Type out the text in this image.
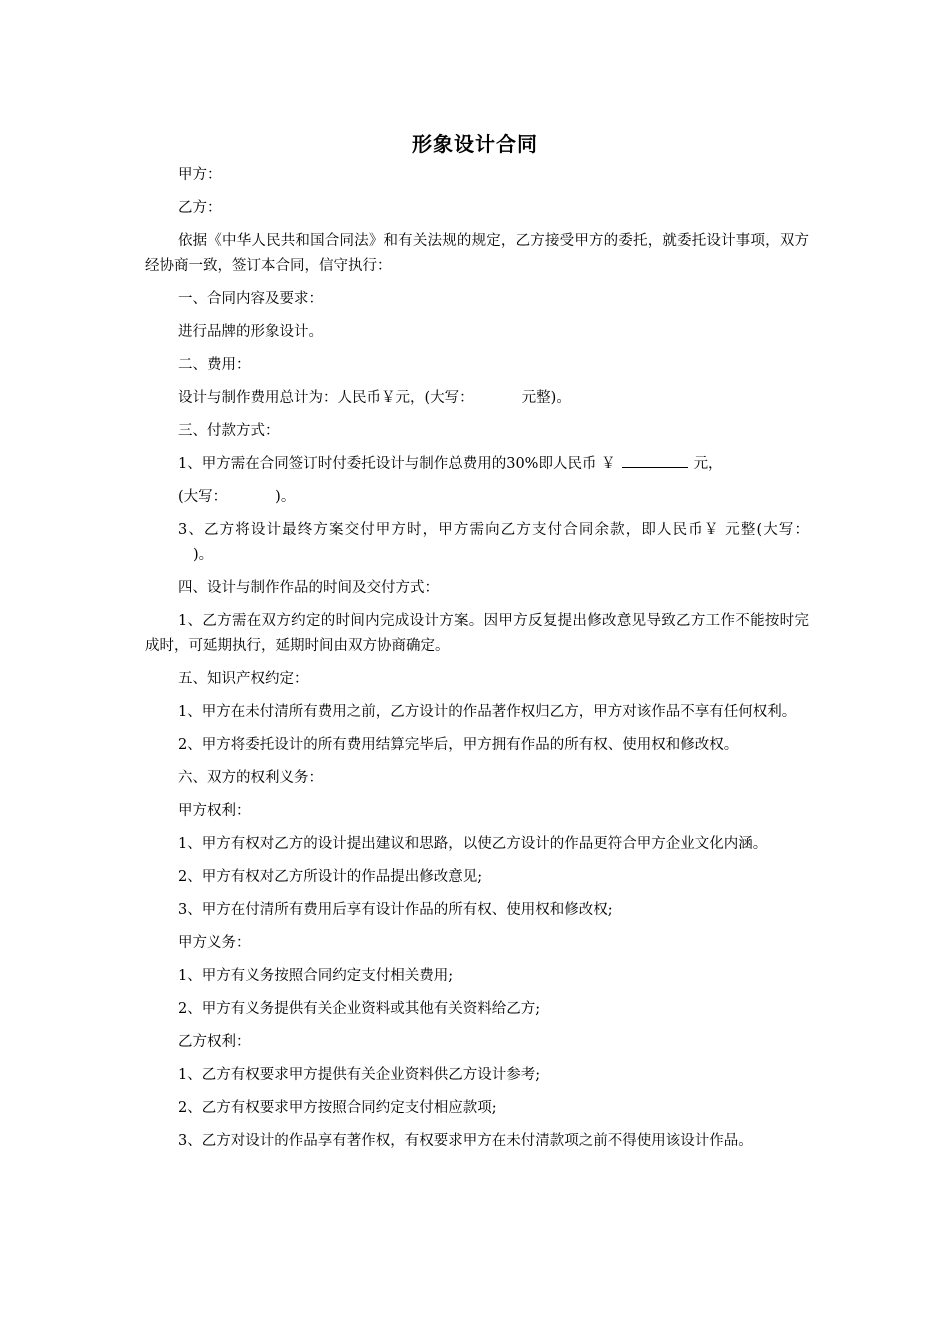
形象设计合同

甲方：

乙方：

依据《中华人民共和国合同法》和有关法规的规定，乙方接受甲方的委托，就委托设计事项，双方经协商一致，签订本合同，信守执行：

一、合同内容及要求：

进行品牌的形象设计。

二、费用：

设计与制作费用总计为：人民币￥元，(大写：	元整)。

三、付款方式：

1、甲方需在合同签订时付委托设计与制作总费用的30%即人民币 ￥	元，

(大写：	)。

3、乙方将设计最终方案交付甲方时，甲方需向乙方支付合同余款，即人民币￥ 元整(大写：)。

四、设计与制作作品的时间及交付方式：

1、乙方需在双方约定的时间内完成设计方案。因甲方反复提出修改意见导致乙方工作不能按时完成时，可延期执行，延期时间由双方协商确定。

五、知识产权约定：

1、甲方在未付清所有费用之前，乙方设计的作品著作权归乙方，甲方对该作品不享有任何权利。

2、甲方将委托设计的所有费用结算完毕后，甲方拥有作品的所有权、使用权和修改权。

六、双方的权利义务：

甲方权利：

1、甲方有权对乙方的设计提出建议和思路，以使乙方设计的作品更符合甲方企业文化内涵。

2、甲方有权对乙方所设计的作品提出修改意见;

3、甲方在付清所有费用后享有设计作品的所有权、使用权和修改权;

甲方义务：

1、甲方有义务按照合同约定支付相关费用;

2、甲方有义务提供有关企业资料或其他有关资料给乙方;

乙方权利：

1、乙方有权要求甲方提供有关企业资料供乙方设计参考;

2、乙方有权要求甲方按照合同约定支付相应款项;

3、乙方对设计的作品享有著作权，有权要求甲方在未付清款项之前不得使用该设计作品。
